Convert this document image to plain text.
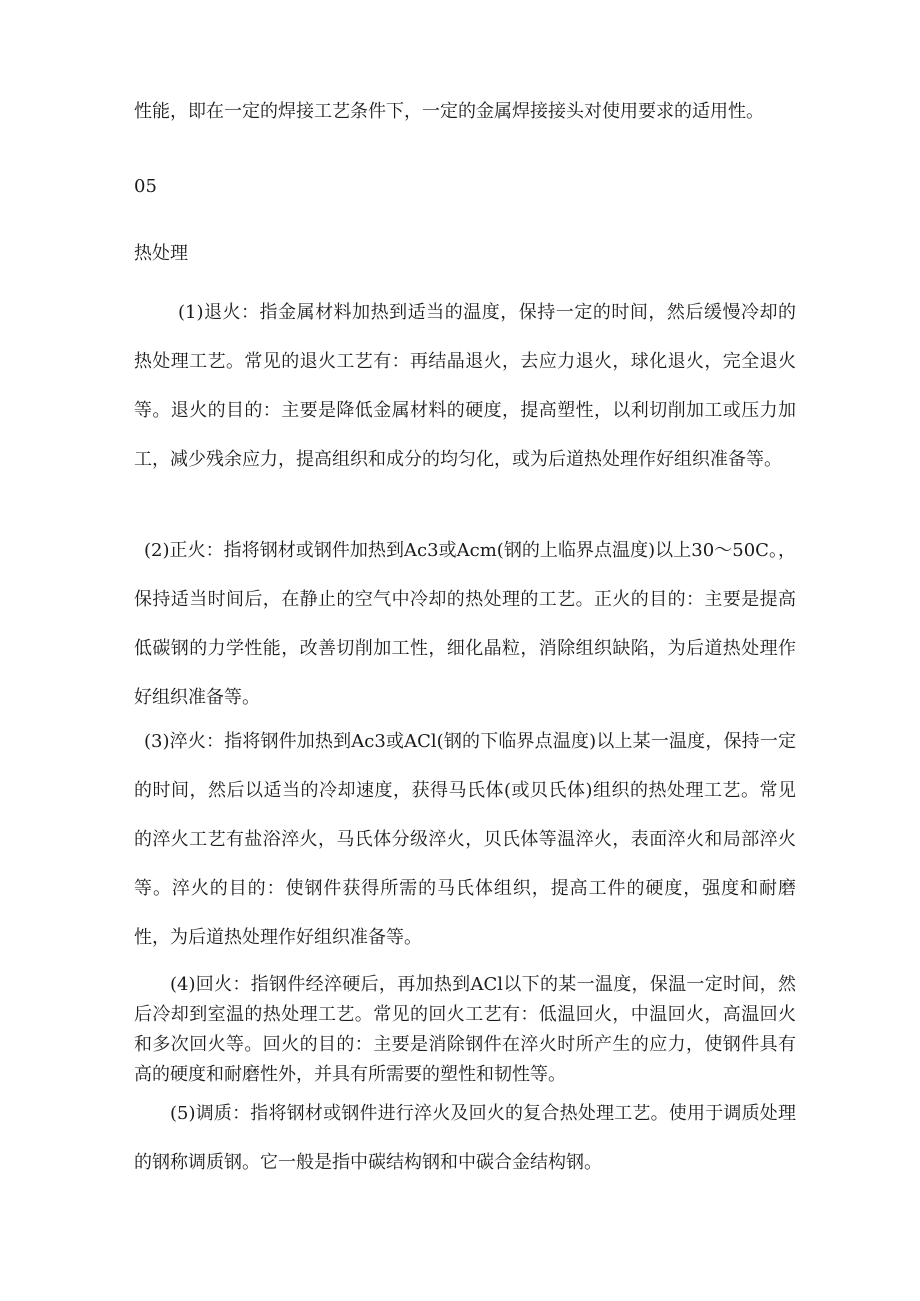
性能，即在一定的焊接工艺条件下，一定的金属焊接接头对使用要求的适用性。

05

热处理

(1)退火：指金属材料加热到适当的温度，保持一定的时间，然后缓慢冷却的热处理工艺。常见的退火工艺有：再结晶退火，去应力退火，球化退火，完全退火等。退火的目的：主要是降低金属材料的硬度，提高塑性，以利切削加工或压力加工，减少残余应力，提高组织和成分的均匀化，或为后道热处理作好组织准备等。

(2)正火：指将钢材或钢件加热到Ac3或Acm(钢的上临界点温度)以上30～50C。，保持适当时间后，在静止的空气中冷却的热处理的工艺。正火的目的：主要是提高低碳钢的力学性能，改善切削加工性，细化晶粒，消除组织缺陷，为后道热处理作好组织准备等。

(3)淬火：指将钢件加热到Ac3或ACl(钢的下临界点温度)以上某一温度，保持一定的时间，然后以适当的冷却速度，获得马氏体(或贝氏体)组织的热处理工艺。常见的淬火工艺有盐浴淬火，马氏体分级淬火，贝氏体等温淬火，表面淬火和局部淬火等。淬火的目的：使钢件获得所需的马氏体组织，提高工件的硬度，强度和耐磨性，为后道热处理作好组织准备等。

(4)回火：指钢件经淬硬后，再加热到ACl以下的某一温度，保温一定时间，然后冷却到室温的热处理工艺。常见的回火工艺有：低温回火，中温回火，高温回火和多次回火等。回火的目的：主要是消除钢件在淬火时所产生的应力，使钢件具有高的硬度和耐磨性外，并具有所需要的塑性和韧性等。

(5)调质：指将钢材或钢件进行淬火及回火的复合热处理工艺。使用于调质处理的钢称调质钢。它一般是指中碳结构钢和中碳合金结构钢。
